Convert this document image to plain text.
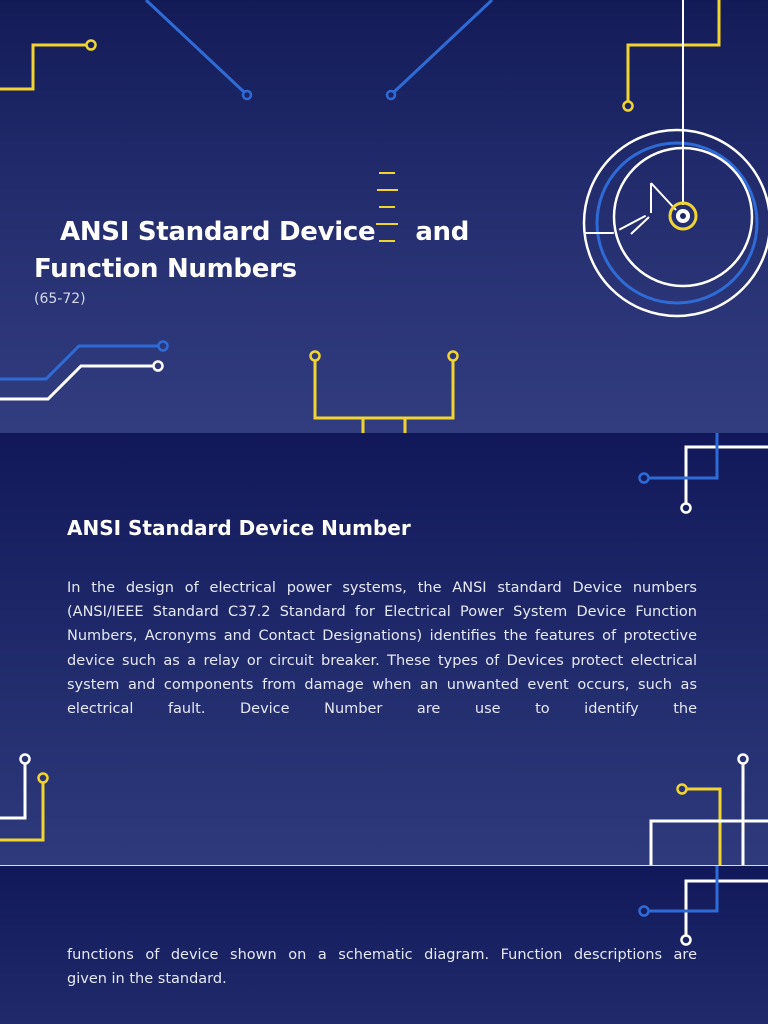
ANSI Standard Device and
Function Numbers
(65-72)
ANSI Standard Device Number
In the design of electrical power systems, the ANSI standard Device numbers (ANSI/IEEE Standard C37.2 Standard for Electrical Power System Device Function Numbers, Acronyms and Contact Designations) identifies the features of protective device such as a relay or circuit breaker. These types of Devices protect electrical system and components from damage when an unwanted event occurs, such as electrical fault. Device Number are use to identify the
functions of device shown on a schematic diagram. Function descriptions are
given in the standard.
